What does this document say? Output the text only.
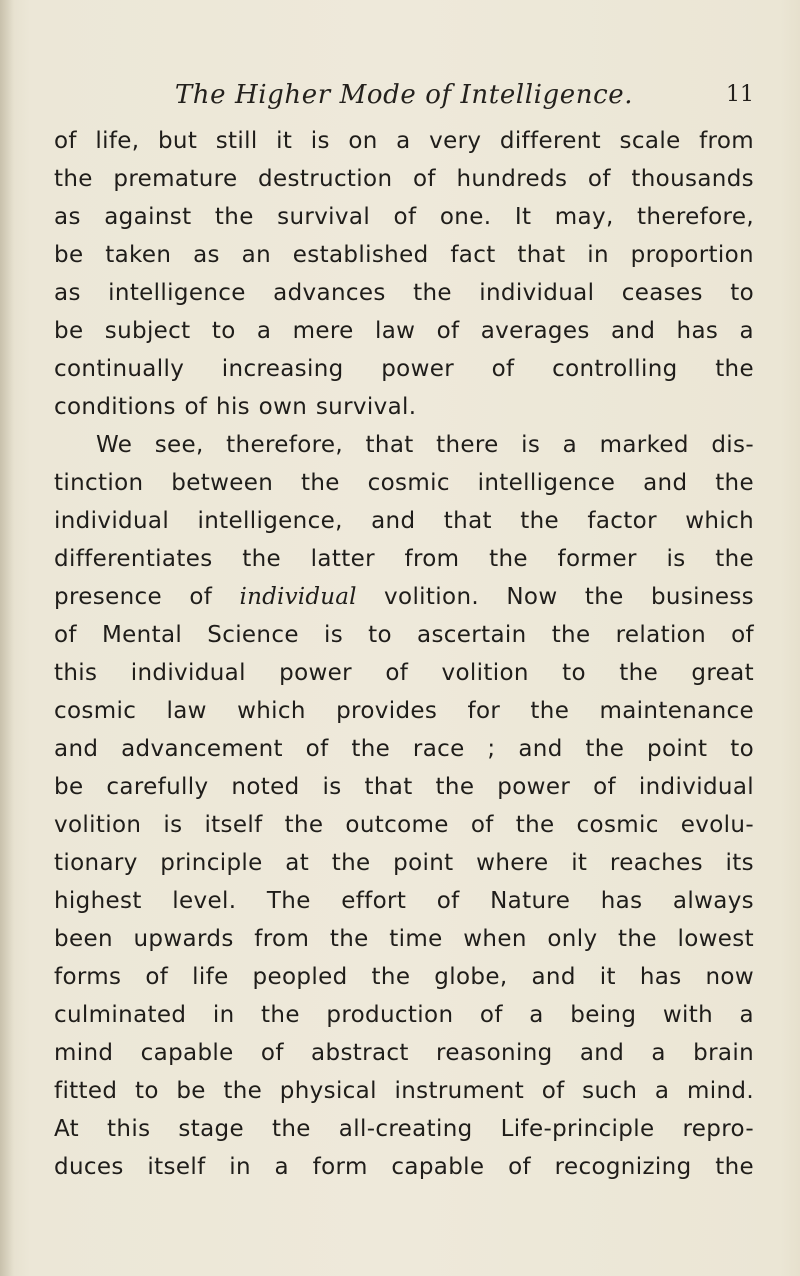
The Higher Mode of Intelligence.	11
of life, but still it is on a very different scale from
the premature destruction of hundreds of thousands
as against the survival of one. It may, therefore,
be taken as an established fact that in proportion
as intelligence advances the individual ceases to
be subject to a mere law of averages and has a
continually increasing power of controlling the
conditions of his own survival.
We see, therefore, that there is a marked dis-
tinction between the cosmic intelligence and the
individual intelligence, and that the factor which
differentiates the latter from the former is the
presence of individual volition. Now the business
of Mental Science is to ascertain the relation of
this individual power of volition to the great
cosmic law which provides for the maintenance
and advancement of the race ; and the point to
be carefully noted is that the power of individual
volition is itself the outcome of the cosmic evolu-
tionary principle at the point where it reaches its
highest level. The effort of Nature has always
been upwards from the time when only the lowest
forms of life peopled the globe, and it has now
culminated in the production of a being with a
mind capable of abstract reasoning and a brain
fitted to be the physical instrument of such a mind.
At this stage the all-creating Life-principle repro-
duces itself in a form capable of recognizing the
